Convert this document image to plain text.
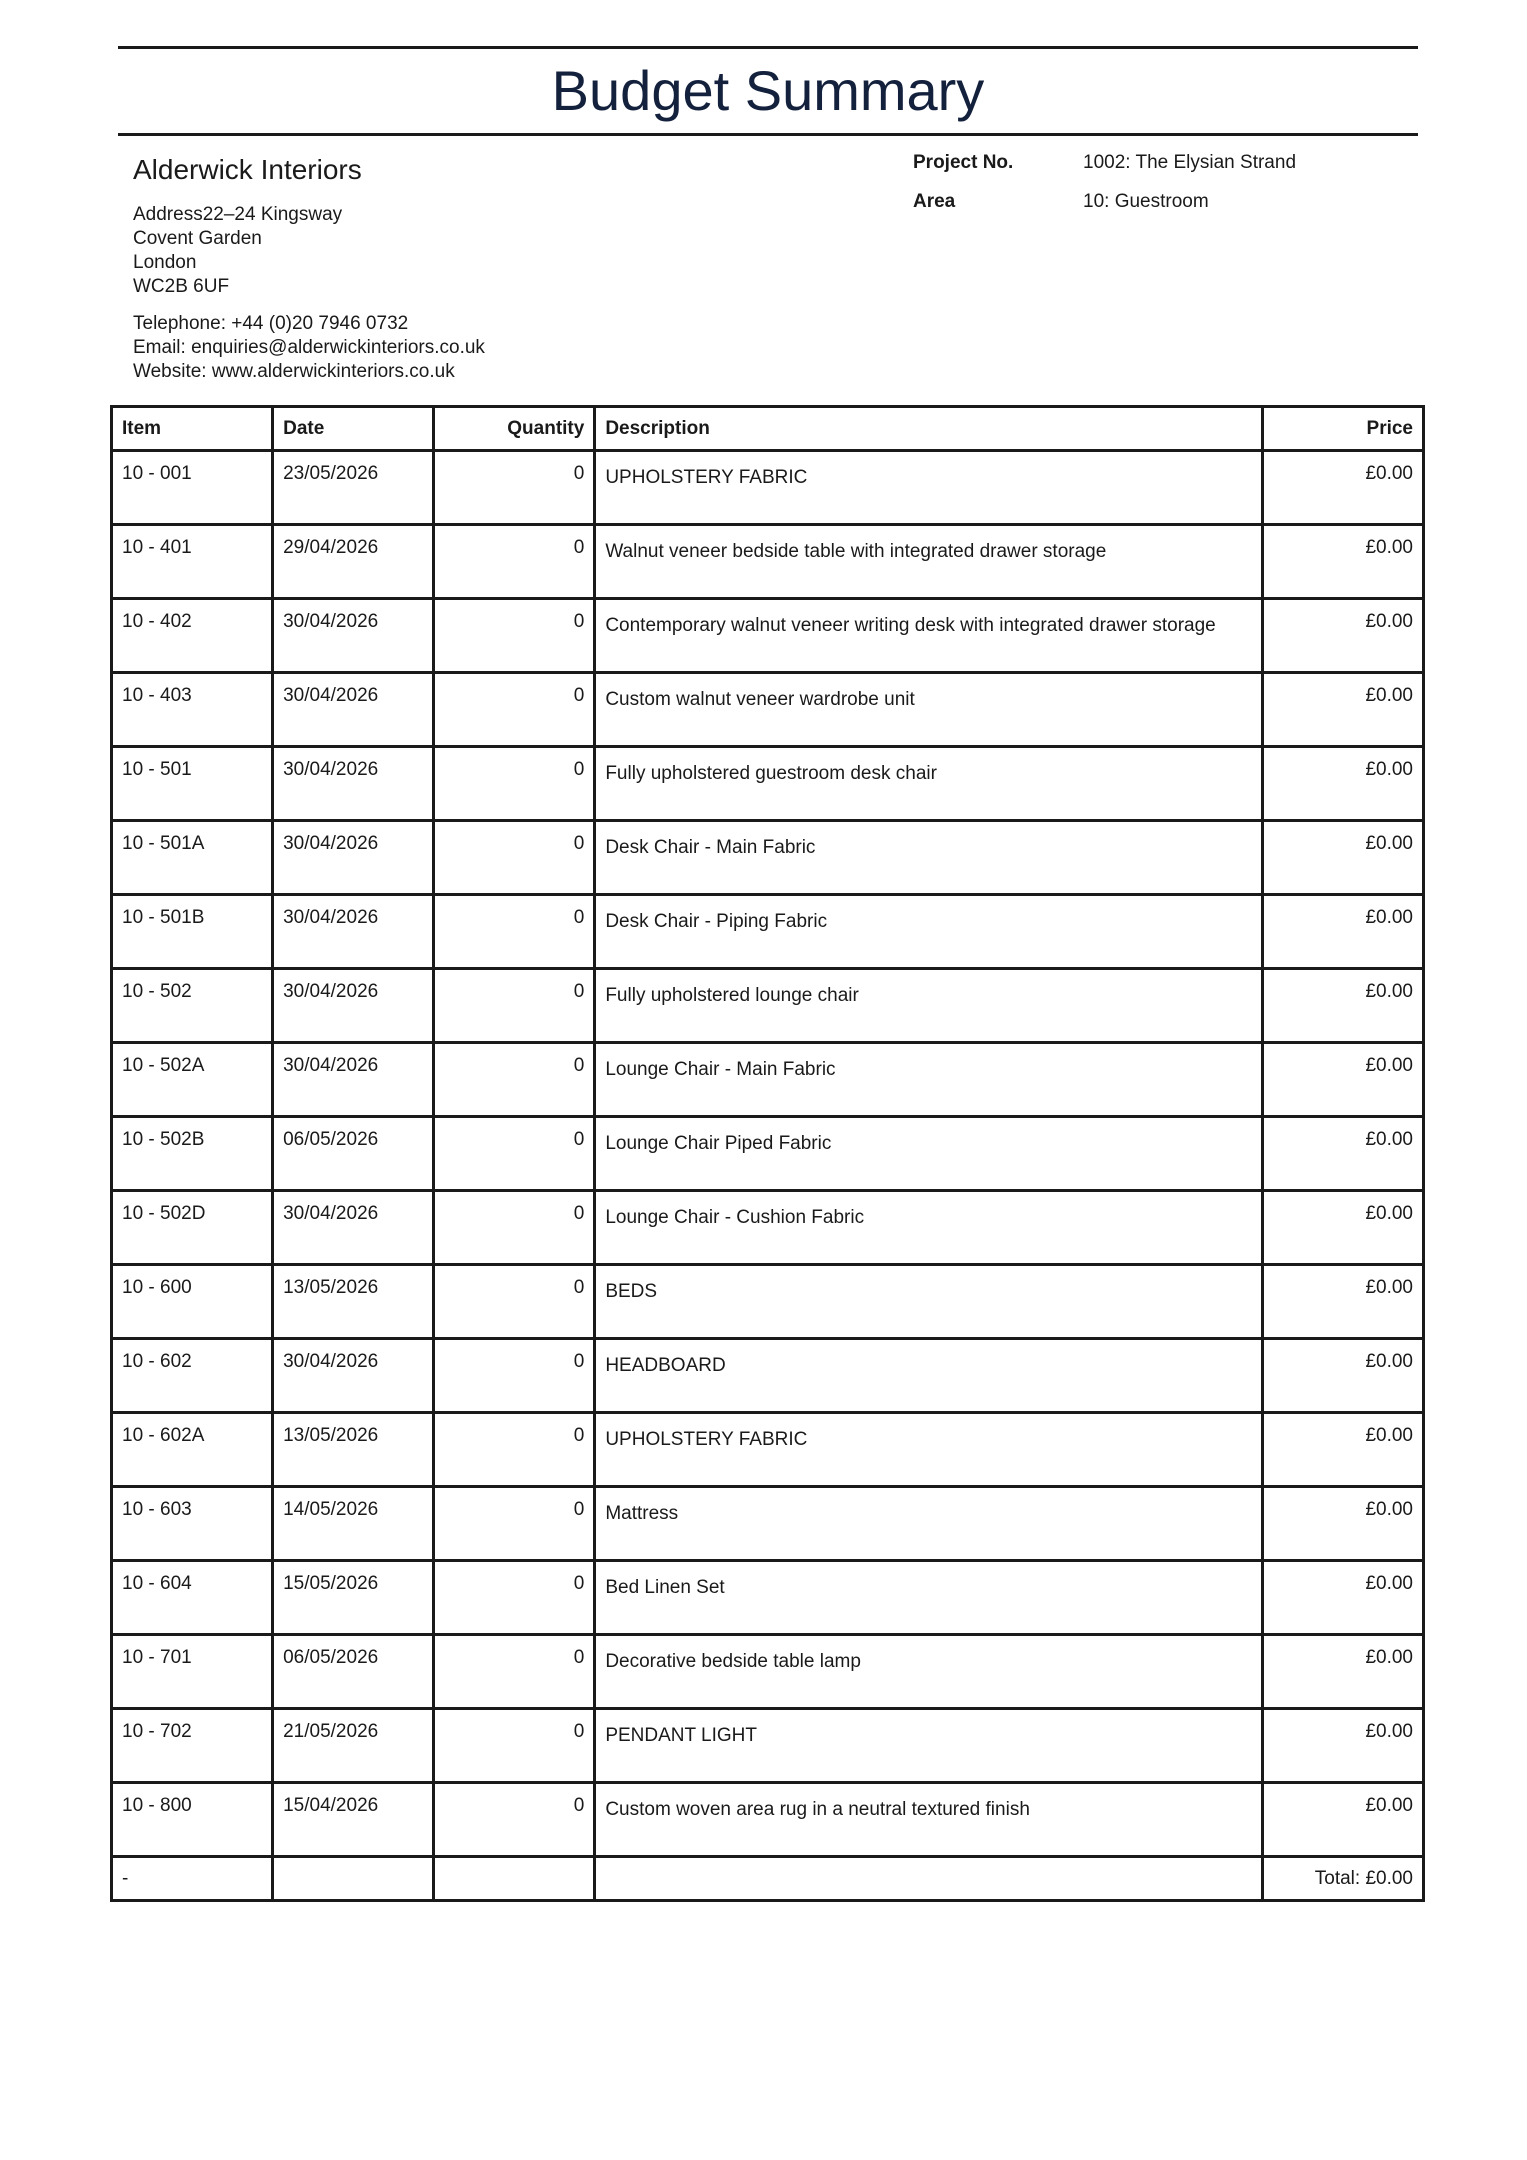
Budget Summary
Alderwick Interiors
Address22–24 Kingsway
Covent Garden
London
WC2B 6UF
Telephone: +44 (0)20 7946 0732
Email: enquiries@alderwickinteriors.co.uk
Website: www.alderwickinteriors.co.uk
Project No.	1002: The Elysian Strand
Area	10: Guestroom
Item	Date	Quantity	Description	Price
10 - 001	23/05/2026	0	UPHOLSTERY FABRIC	£0.00
10 - 401	29/04/2026	0	Walnut veneer bedside table with integrated drawer storage	£0.00
10 - 402	30/04/2026	0	Contemporary walnut veneer writing desk with integrated drawer storage	£0.00
10 - 403	30/04/2026	0	Custom walnut veneer wardrobe unit	£0.00
10 - 501	30/04/2026	0	Fully upholstered guestroom desk chair	£0.00
10 - 501A	30/04/2026	0	Desk Chair - Main Fabric	£0.00
10 - 501B	30/04/2026	0	Desk Chair - Piping Fabric	£0.00
10 - 502	30/04/2026	0	Fully upholstered lounge chair	£0.00
10 - 502A	30/04/2026	0	Lounge Chair - Main Fabric	£0.00
10 - 502B	06/05/2026	0	Lounge Chair Piped Fabric	£0.00
10 - 502D	30/04/2026	0	Lounge Chair - Cushion Fabric	£0.00
10 - 600	13/05/2026	0	BEDS	£0.00
10 - 602	30/04/2026	0	HEADBOARD	£0.00
10 - 602A	13/05/2026	0	UPHOLSTERY FABRIC	£0.00
10 - 603	14/05/2026	0	Mattress	£0.00
10 - 604	15/05/2026	0	Bed Linen Set	£0.00
10 - 701	06/05/2026	0	Decorative bedside table lamp	£0.00
10 - 702	21/05/2026	0	PENDANT LIGHT	£0.00
10 - 800	15/04/2026	0	Custom woven area rug in a neutral textured finish	£0.00
-				Total: £0.00
